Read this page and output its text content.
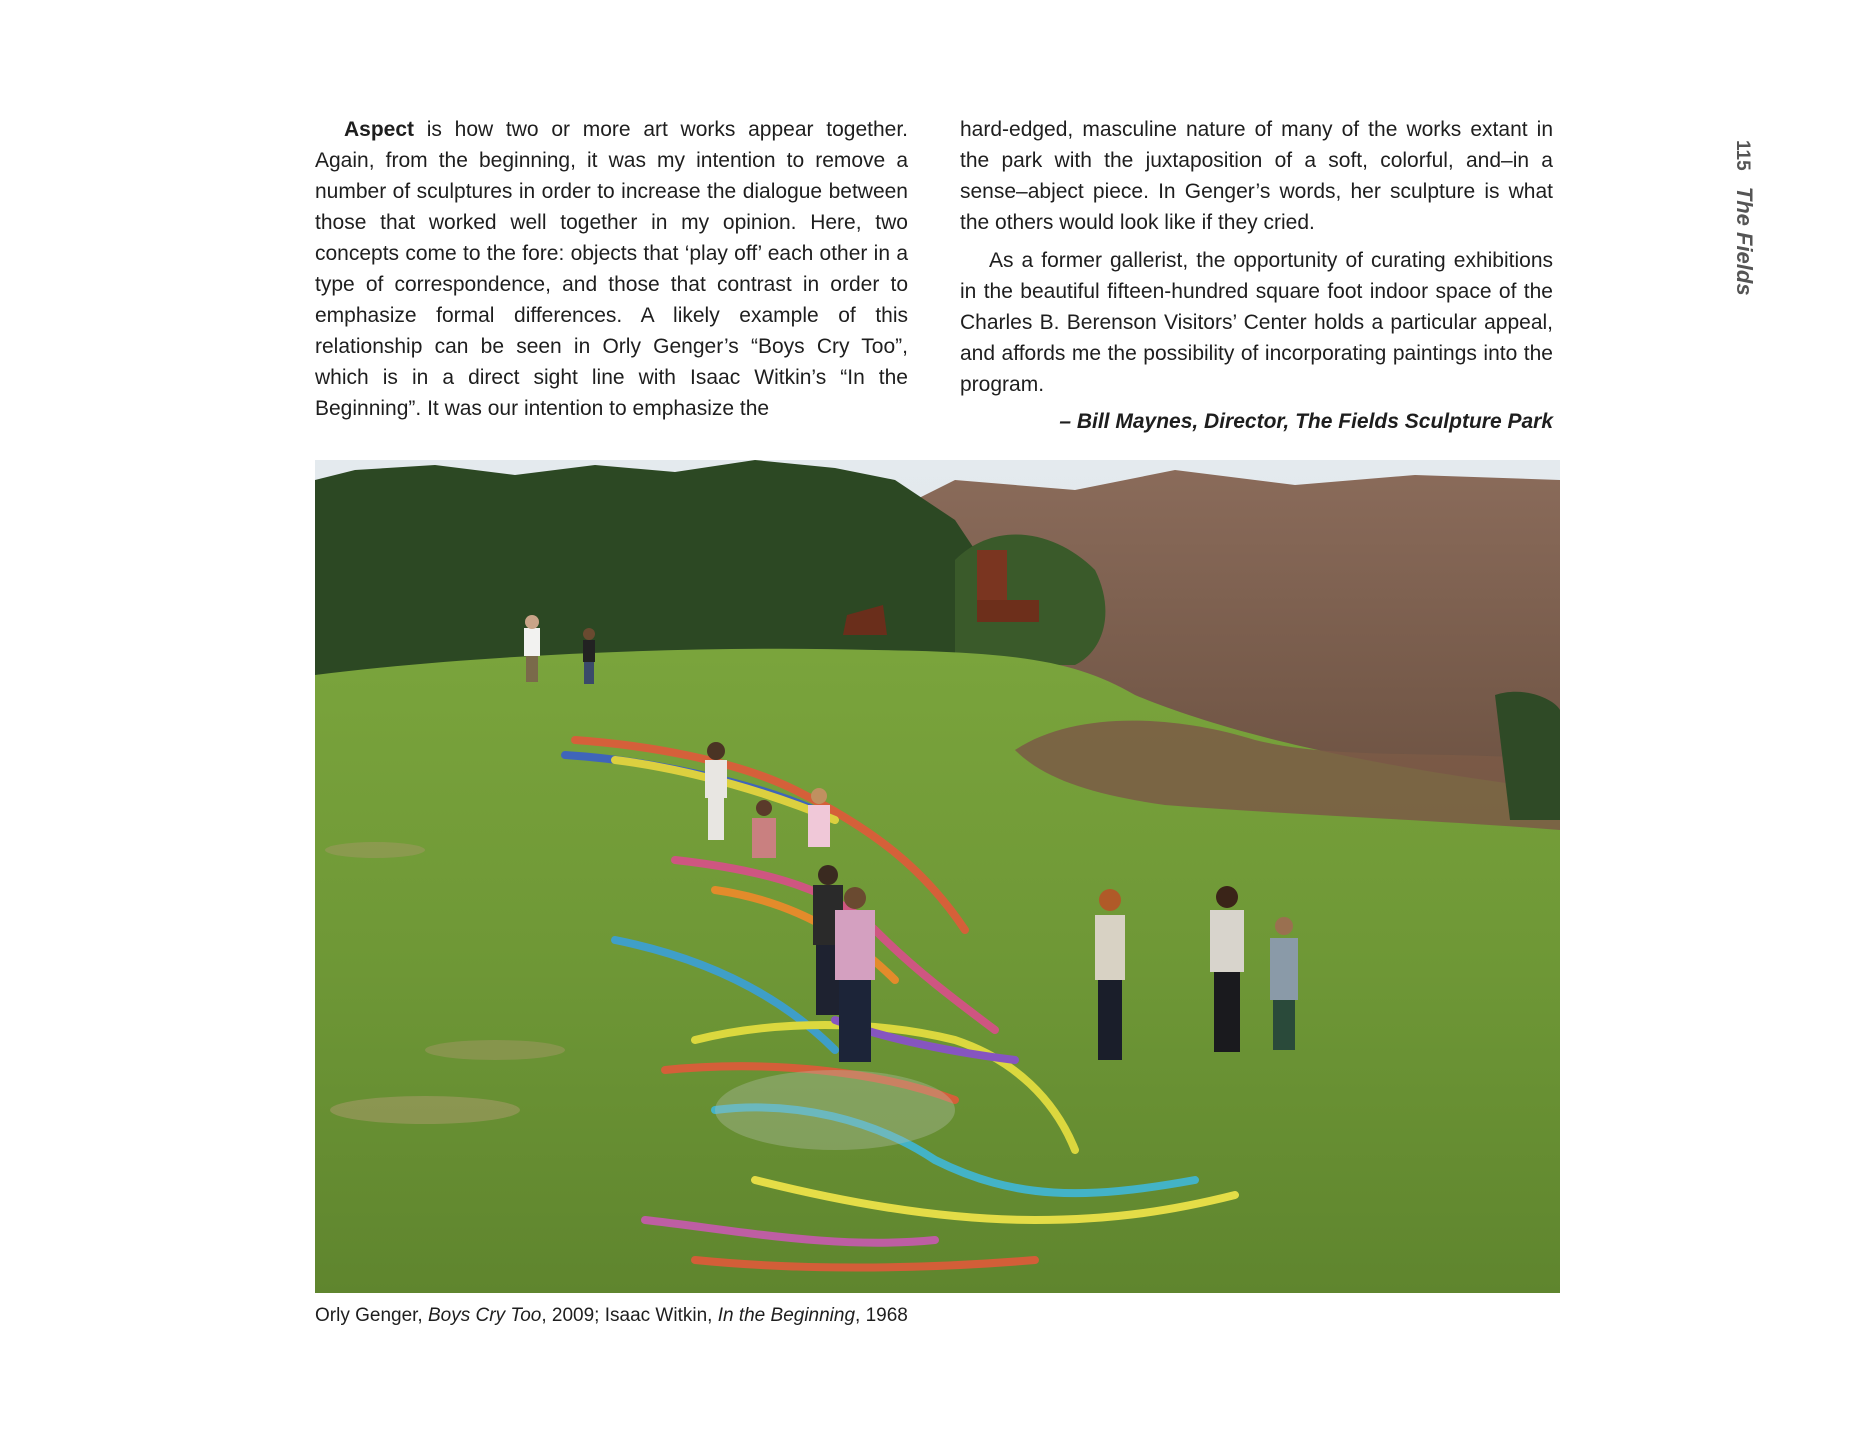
115 The Fields

Aspect is how two or more art works appear together. Again, from the beginning, it was my intention to remove a number of sculptures in order to increase the dialogue between those that worked well together in my opinion. Here, two concepts come to the fore: objects that ‘play off’ each other in a type of correspondence, and those that contrast in order to emphasize formal differences. A likely example of this relationship can be seen in Orly Genger’s “Boys Cry Too”, which is in a direct sight line with Isaac Witkin’s “In the Beginning”. It was our intention to emphasize the

hard-edged, masculine nature of many of the works extant in the park with the juxtaposition of a soft, colorful, and–in a sense–abject piece. In Genger’s words, her sculpture is what the others would look like if they cried.

As a former gallerist, the opportunity of curating exhibitions in the beautiful fifteen-hundred square foot indoor space of the Charles B. Berenson Visitors’ Center holds a particular appeal, and affords me the possibility of incorporating paintings into the program.

– Bill Maynes, Director, The Fields Sculpture Park

Orly Genger, Boys Cry Too, 2009; Isaac Witkin, In the Beginning, 1968
